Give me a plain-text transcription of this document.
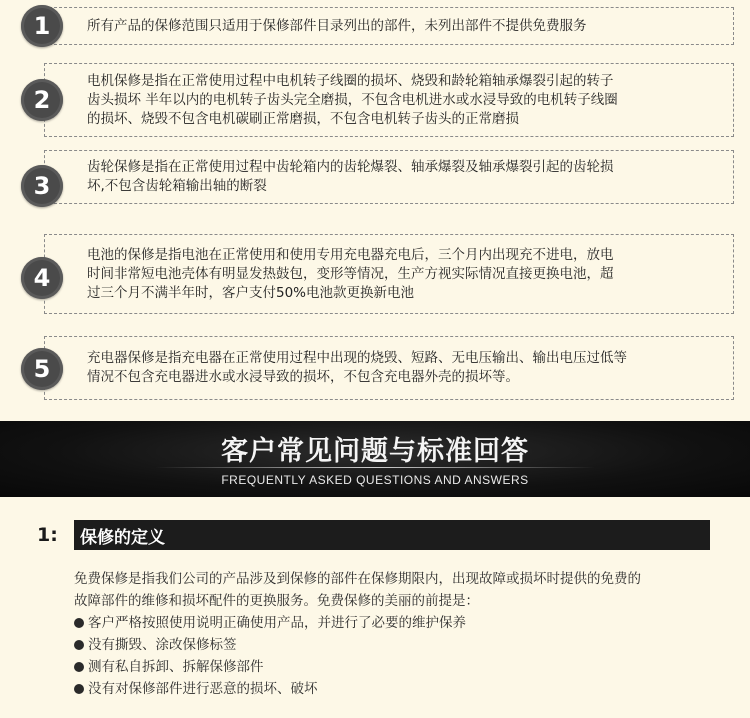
所有产品的保修范围只适用于保修部件目录列出的部件，未列出部件不提供免费服务
1
电机保修是指在正常使用过程中电机转子线圈的损坏、烧毁和龄轮箱轴承爆裂引起的转子
齿头损坏 半年以内的电机转子齿头完全磨损，不包含电机进水或水浸导致的电机转子线圈
的损坏、烧毁不包含电机碳刷正常磨损，不包含电机转子齿头的正常磨损
2
齿轮保修是指在正常使用过程中齿轮箱内的齿轮爆裂、轴承爆裂及轴承爆裂引起的齿轮损
坏,不包含齿轮箱输出轴的断裂
3
电池的保修是指电池在正常使用和使用专用充电器充电后，三个月内出现充不进电，放电
时间非常短电池壳体有明显发热鼓包，变形等情况，生产方视实际情况直接更换电池，超
过三个月不满半年时，客户支付50%电池款更换新电池
4
充电器保修是指充电器在正常使用过程中出现的烧毁、短路、无电压输出、输出电压过低等
情况不包含充电器进水或水浸导致的损坏，不包含充电器外壳的损坏等。
5
客户常见问题与标准回答
FREQUENTLY ASKED QUESTIONS AND ANSWERS
1:	保修的定义
免费保修是指我们公司的产品涉及到保修的部件在保修期限内，出现故障或损坏时提供的免费的
故障部件的维修和损坏配件的更换服务。免费保修的美丽的前提是：
客户严格按照使用说明正确使用产品，并进行了必要的维护保养
没有撕毁、涂改保修标签
测有私自拆卸、拆解保修部件
没有对保修部件进行恶意的损坏、破坏
